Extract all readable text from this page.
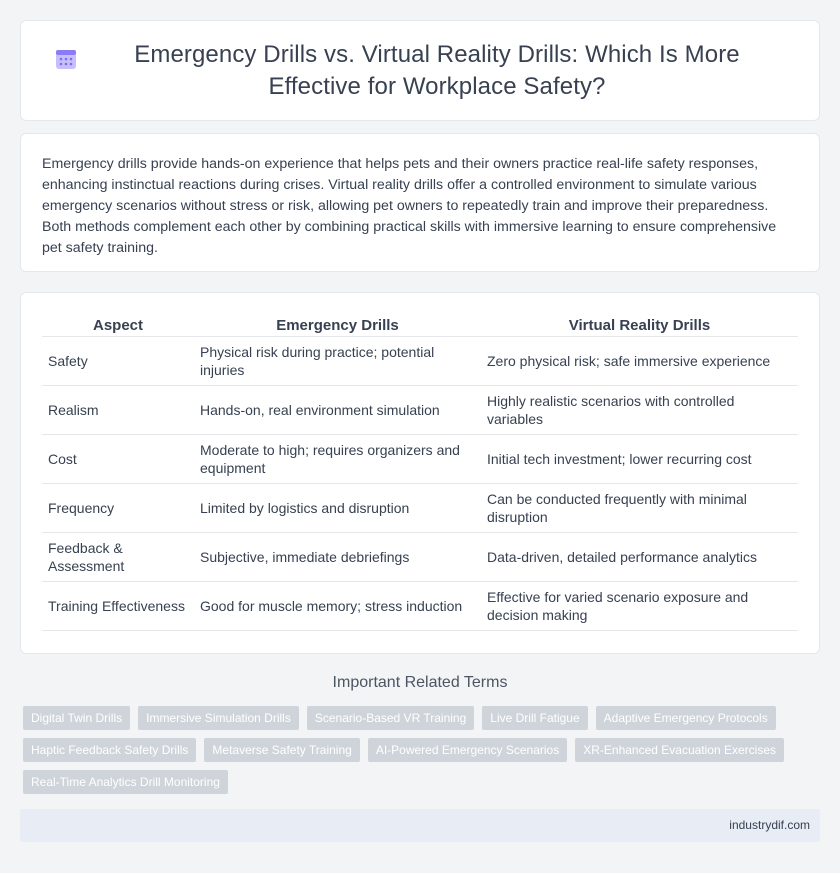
Emergency Drills vs. Virtual Reality Drills: Which Is More Effective for Workplace Safety?

Emergency drills provide hands-on experience that helps pets and their owners practice real-life safety responses, enhancing instinctual reactions during crises. Virtual reality drills offer a controlled environment to simulate various emergency scenarios without stress or risk, allowing pet owners to repeatedly train and improve their preparedness. Both methods complement each other by combining practical skills with immersive learning to ensure comprehensive pet safety training.

Aspect	Emergency Drills	Virtual Reality Drills
Safety	Physical risk during practice; potential injuries	Zero physical risk; safe immersive experience
Realism	Hands-on, real environment simulation	Highly realistic scenarios with controlled variables
Cost	Moderate to high; requires organizers and equipment	Initial tech investment; lower recurring cost
Frequency	Limited by logistics and disruption	Can be conducted frequently with minimal disruption
Feedback & Assessment	Subjective, immediate debriefings	Data-driven, detailed performance analytics
Training Effectiveness	Good for muscle memory; stress induction	Effective for varied scenario exposure and decision making
Important Related Terms
Digital Twin Drills	Immersive Simulation Drills	Scenario-Based VR Training	Live Drill Fatigue	Adaptive Emergency Protocols
Haptic Feedback Safety Drills	Metaverse Safety Training	AI-Powered Emergency Scenarios	XR-Enhanced Evacuation Exercises
Real-Time Analytics Drill Monitoring
industrydif.com
